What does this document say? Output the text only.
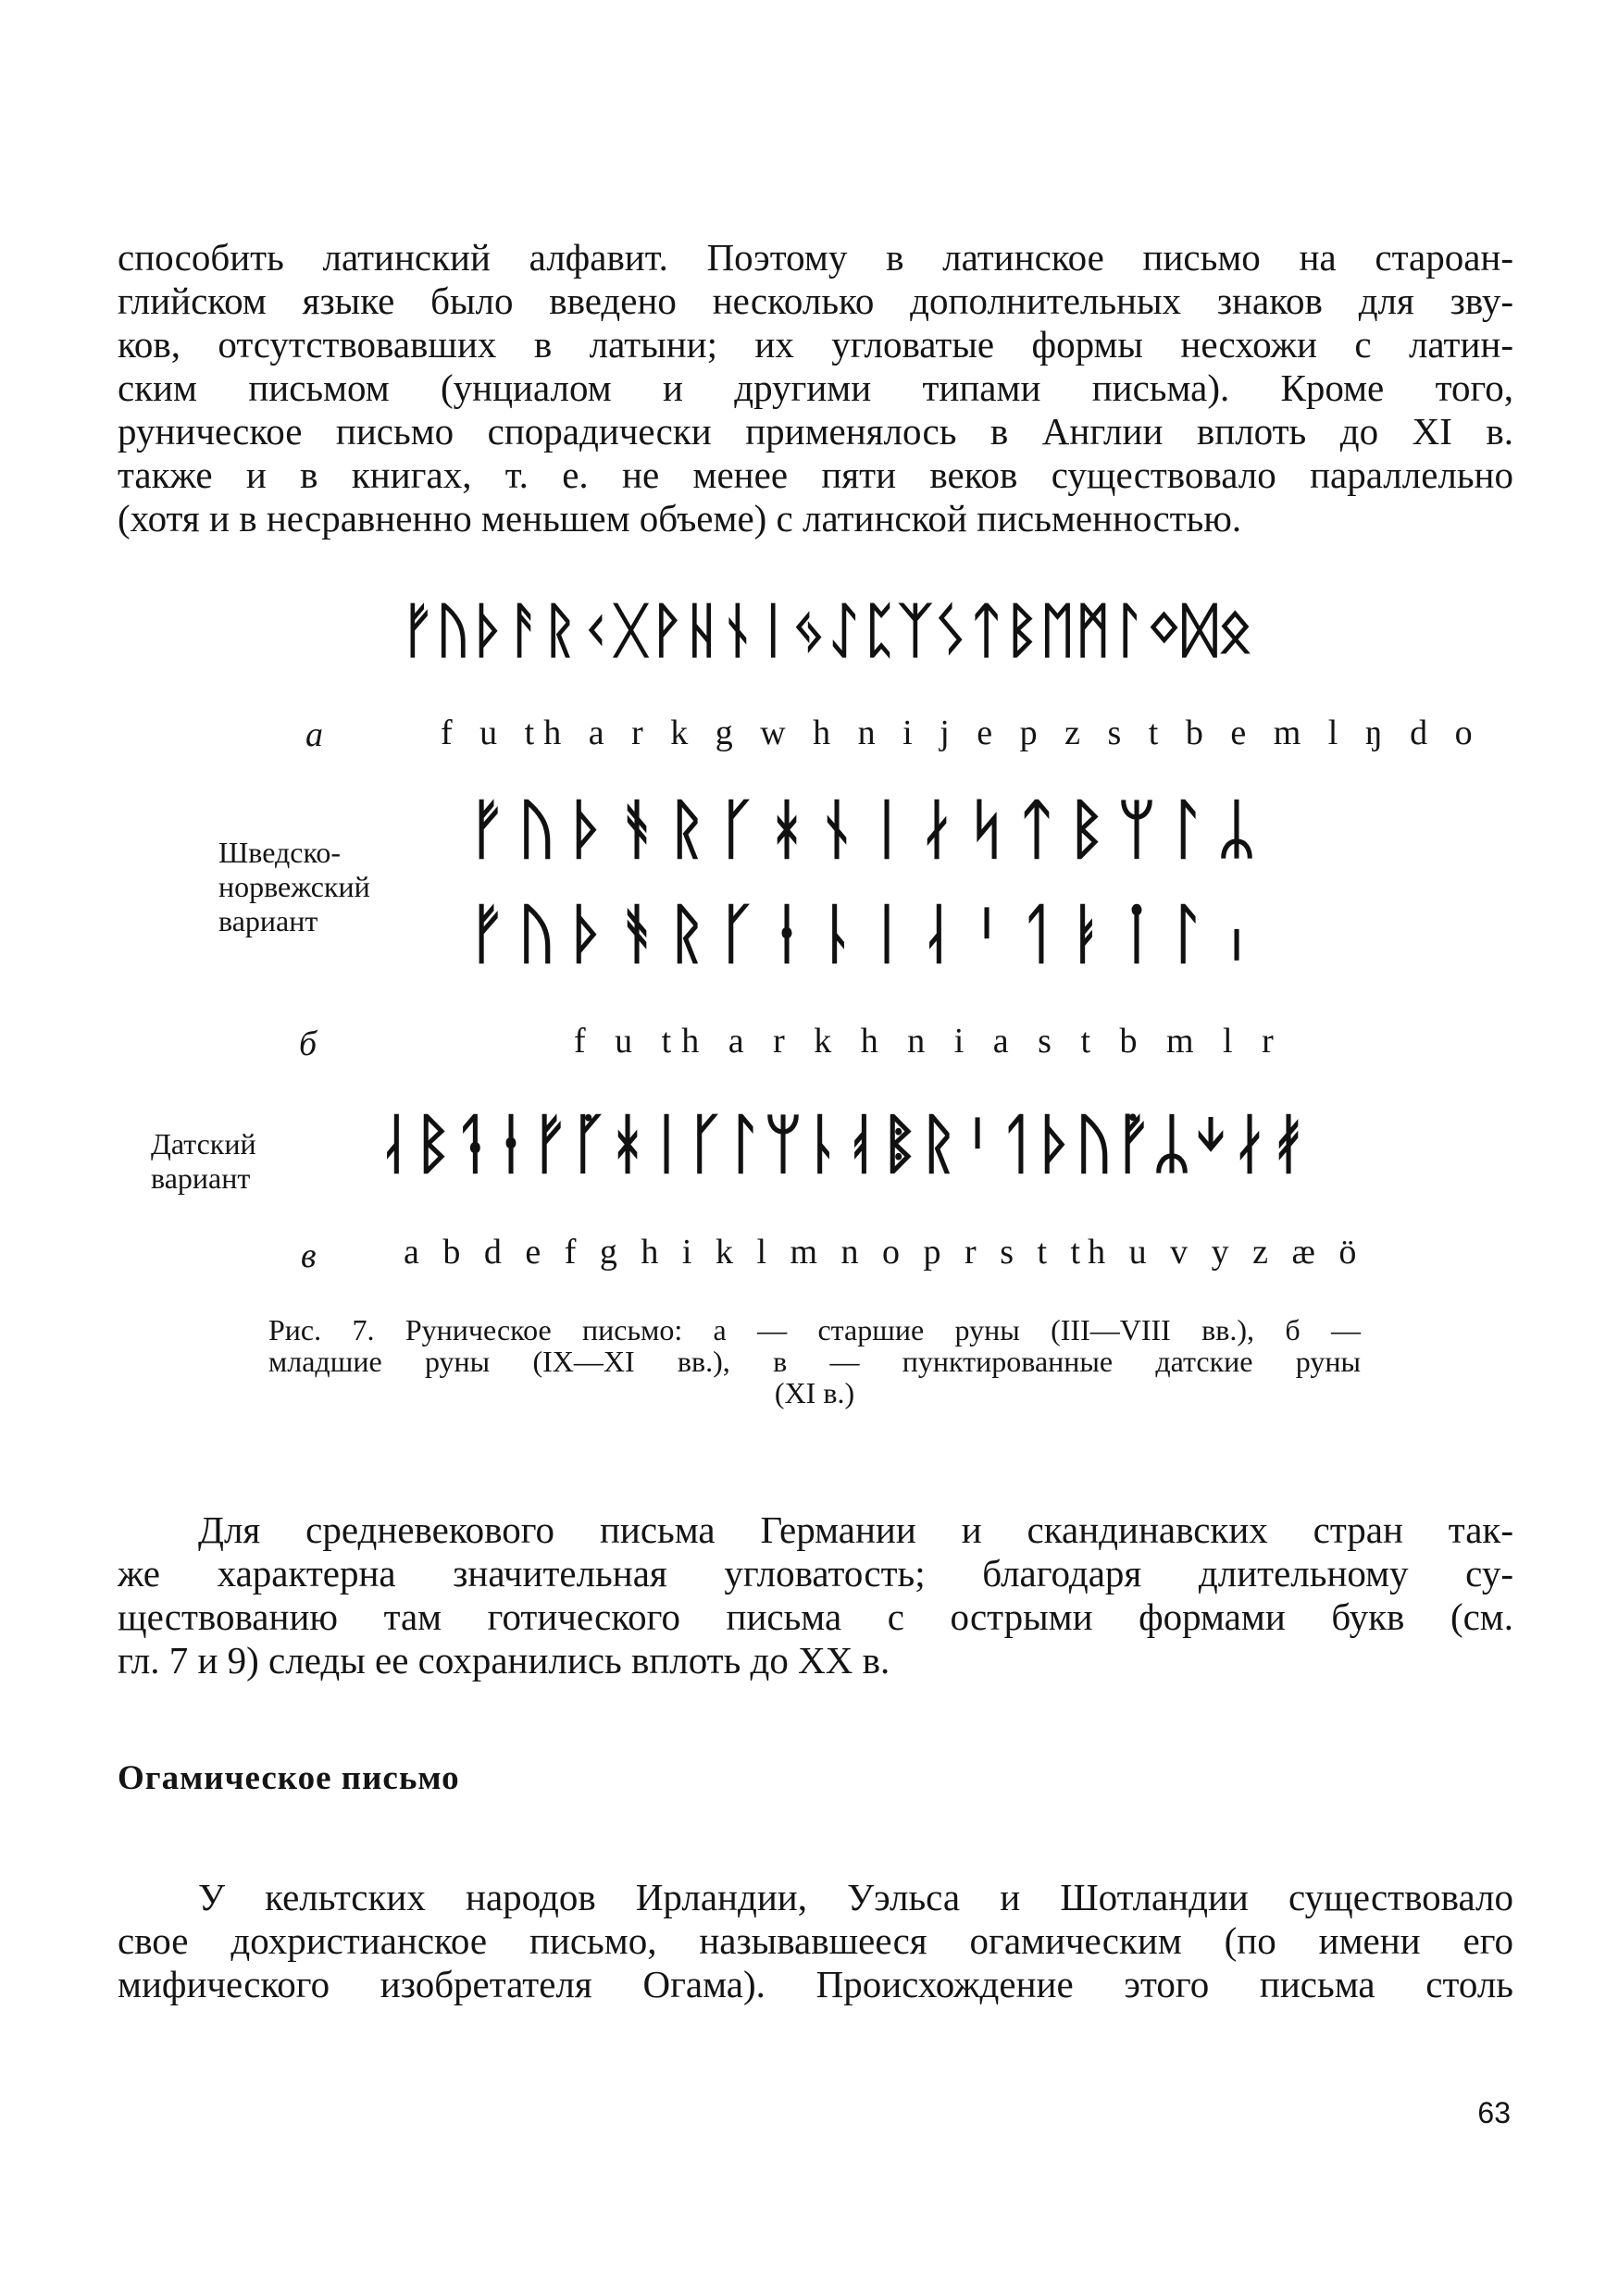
способить латинский алфавит. Поэтому в латинское письмо на староан-

глийском языке было введено несколько дополнительных знаков для зву-

ков, отсутствовавших в латыни; их угловатые формы несхожи с латин-

ским письмом (унциалом и другими типами письма). Кроме того,

руническое письмо спорадически применялось в Англии вплоть до XI в.

также и в книгах, т. е. не менее пяти веков существовало параллельно

(хотя и в несравненно меньшем объеме) с латинской письменностью.

ᚠᚢᚦᚨᚱᚲᚷᚹᚺᚾᛁᛃᛇᛈᛉᛊᛏᛒᛖᛗᛚᛜᛞᛟ
a	f u th a r k g w h n i j e p z s t b e m l ŋ d o
Шведско-
норвежский
вариант
ᚠᚢᚦᚬᚱᚴᚼᚾᛁᛅᛋᛏᛒᛘᛚᛦ
ᚠᚢᚦᚬᚱᚴᚽᚿᛁᛆᛌᛐᛓᛙᛚᛧ
б	f u th a r k h n i a s t b m l r
Датский
вариант ᛆᛒᛑᛂᚠᚵᚼᛁᚴᛚᛘᚿᚮᛔᚱᛌᛐᚦᚢᚡᛦᛎᛅᚯ
в a b d e f g h i k l m n o p r s t th u v y z æ ö

Рис. 7. Руническое письмо: а — старшие руны (III—VIII вв.), б —

младшие руны (IX—XI вв.), в — пунктированные датские руны

(XI в.)

Для средневекового письма Германии и скандинавских стран так-

же характерна значительная угловатость; благодаря длительному су-

ществованию там готического письма с острыми формами букв (см.

гл. 7 и 9) следы ее сохранились вплоть до XX в.

Огамическое письмо

У кельтских народов Ирландии, Уэльса и Шотландии существовало

свое дохристианское письмо, называвшееся огамическим (по имени его

мифического изобретателя Огама). Происхождение этого письма столь

63
